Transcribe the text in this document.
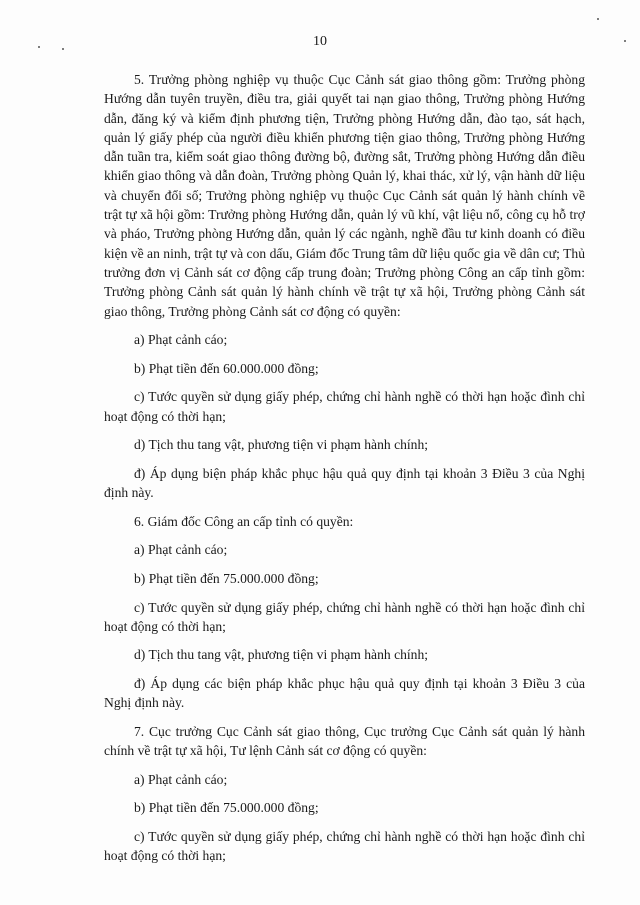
10

5. Trưởng phòng nghiệp vụ thuộc Cục Cảnh sát giao thông gồm: Trưởng phòng Hướng dẫn tuyên truyền, điều tra, giải quyết tai nạn giao thông, Trưởng phòng Hướng dẫn, đăng ký và kiểm định phương tiện, Trưởng phòng Hướng dẫn, đào tạo, sát hạch, quản lý giấy phép của người điều khiển phương tiện giao thông, Trưởng phòng Hướng dẫn tuần tra, kiểm soát giao thông đường bộ, đường sắt, Trưởng phòng Hướng dẫn điều khiển giao thông và dẫn đoàn, Trưởng phòng Quản lý, khai thác, xử lý, vận hành dữ liệu và chuyển đổi số; Trưởng phòng nghiệp vụ thuộc Cục Cảnh sát quản lý hành chính về trật tự xã hội gồm: Trưởng phòng Hướng dẫn, quản lý vũ khí, vật liệu nổ, công cụ hỗ trợ và pháo, Trưởng phòng Hướng dẫn, quản lý các ngành, nghề đầu tư kinh doanh có điều kiện về an ninh, trật tự và con dấu, Giám đốc Trung tâm dữ liệu quốc gia về dân cư; Thủ trưởng đơn vị Cảnh sát cơ động cấp trung đoàn; Trưởng phòng Công an cấp tỉnh gồm: Trưởng phòng Cảnh sát quản lý hành chính về trật tự xã hội, Trưởng phòng Cảnh sát giao thông, Trưởng phòng Cảnh sát cơ động có quyền:

a) Phạt cảnh cáo;

b) Phạt tiền đến 60.000.000 đồng;

c) Tước quyền sử dụng giấy phép, chứng chỉ hành nghề có thời hạn hoặc đình chỉ hoạt động có thời hạn;

d) Tịch thu tang vật, phương tiện vi phạm hành chính;

đ) Áp dụng biện pháp khắc phục hậu quả quy định tại khoản 3 Điều 3 của Nghị định này.

6. Giám đốc Công an cấp tỉnh có quyền:

a) Phạt cảnh cáo;

b) Phạt tiền đến 75.000.000 đồng;

c) Tước quyền sử dụng giấy phép, chứng chỉ hành nghề có thời hạn hoặc đình chỉ hoạt động có thời hạn;

d) Tịch thu tang vật, phương tiện vi phạm hành chính;

đ) Áp dụng các biện pháp khắc phục hậu quả quy định tại khoản 3 Điều 3 của Nghị định này.

7. Cục trưởng Cục Cảnh sát giao thông, Cục trưởng Cục Cảnh sát quản lý hành chính về trật tự xã hội, Tư lệnh Cảnh sát cơ động có quyền:

a) Phạt cảnh cáo;

b) Phạt tiền đến 75.000.000 đồng;

c) Tước quyền sử dụng giấy phép, chứng chỉ hành nghề có thời hạn hoặc đình chỉ hoạt động có thời hạn;
